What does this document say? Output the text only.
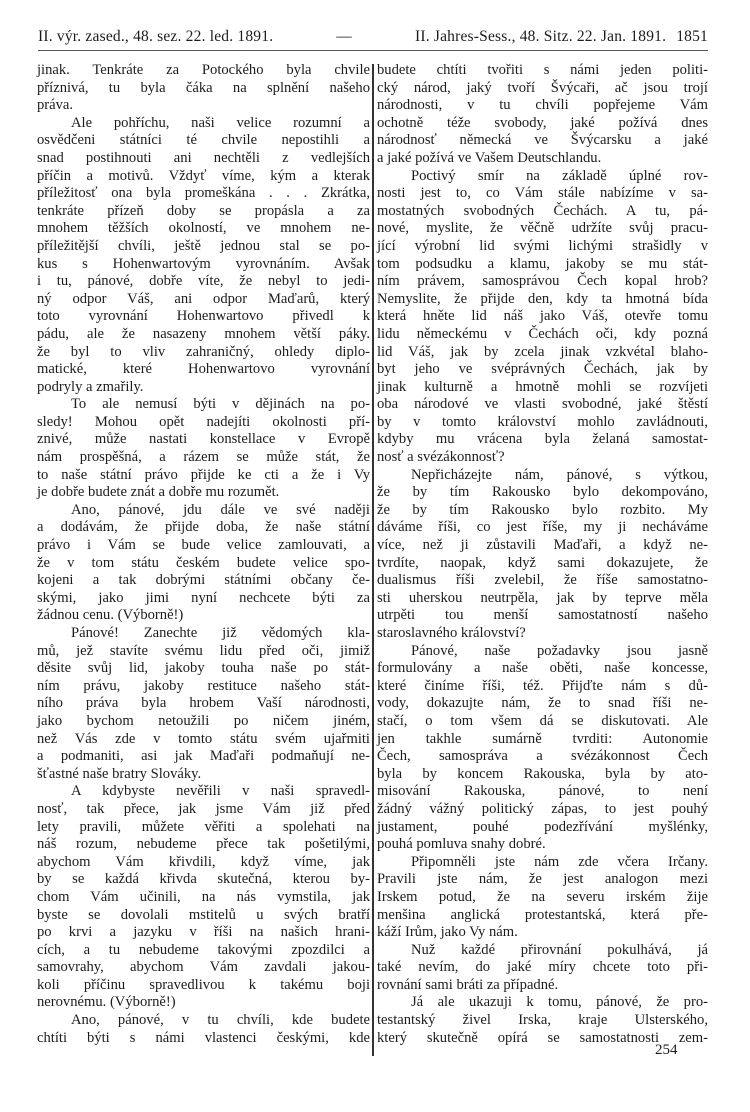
II. výr. zased., 48. sez. 22. led. 1891.	—	II. Jahres-Sess., 48. Sitz. 22. Jan. 1891. 1851
jinak. Tenkráte za Potockého byla chvile
příznivá, tu byla čáka na splnění našeho
práva.
Ale pohříchu, naši velice rozumní a
osvědčeni státníci té chvile nepostihli a
snad postihnouti ani nechtěli z vedlejších
příčin a motivů. Vždyť víme, kým a kterak
příležitosť ona byla promeškána . . . Zkrátka,
tenkráte přízeň doby se propásla a za
mnohem těžších okolností, ve mnohem ne-
příležitější chvíli, ještě jednou stal se po-
kus s Hohenwartovým vyrovnáním. Avšak
i tu, pánové, dobře víte, že nebyl to jedi-
ný odpor Váš, ani odpor Maďarů, který
toto vyrovnání Hohenwartovo přivedl k
pádu, ale že nasazeny mnohem větší páky.
že byl to vliv zahraničný, ohledy diplo-
matické, které Hohenwartovo vyrovnání
podryly a zmařily.
To ale nemusí býti v dějinách na po-
sledy! Mohou opět nadejíti okolnosti pří-
znivé, může nastati konstellace v Evropě
nám prospěšná, a rázem se může stát, že
to naše státní právo přijde ke cti a že i Vy
je dobře budete znát a dobře mu rozumět.
Ano, pánové, jdu dále ve své naději
a dodávám, že přijde doba, že naše státní
právo i Vám se bude velice zamlouvati, a
že v tom státu českém budete velice spo-
kojeni a tak dobrými státními občany če-
skými, jako jimi nyní nechcete býti za
žádnou cenu. (Výborně!)
Pánové! Zanechte již vědomých kla-
mů, jež stavíte svému lidu před oči, jimiž
děsite svůj lid, jakoby touha naše po stát-
ním právu, jakoby restituce našeho stát-
ního práva byla hrobem Vaší národnosti,
jako bychom netoužili po ničem jiném,
než Vás zde v tomto státu svém ujařmiti
a podmaniti, asi jak Maďaři podmaňují ne-
šťastné naše bratry Slováky.
A kdybyste nevěřili v naši spravedl-
nosť, tak přece, jak jsme Vám již před
lety pravili, můžete věřiti a spolehati na
náš rozum, nebudeme přece tak pošetilými,
abychom Vám křivdili, když víme, jak
by se každá křivda skutečná, kterou by-
chom Vám učinili, na nás vymstila, jak
byste se dovolali mstitelů u svých bratří
po krvi a jazyku v říši na našich hrani-
cích, a tu nebudeme takovými zpozdilci a
samovrahy, abychom Vám zavdali jakou-
koli příčinu spravedlivou k takému boji
nerovnému. (Výborně!)
Ano, pánové, v tu chvíli, kde budete
chtíti býti s námi vlastenci českými, kde
budete chtíti tvořiti s námi jeden politi-
cký národ, jaký tvoří Švýcaři, ač jsou trojí
národnosti, v tu chvíli popřejeme Vám
ochotně téže svobody, jaké požívá dnes
národnosť německá ve Švýcarsku a jaké
a jaké požívá ve Vašem Deutschlandu.
Poctivý smír na základě úplné rov-
nosti jest to, co Vám stále nabízíme v sa-
mostatných svobodných Čechách. A tu, pá-
nové, myslite, že věčně udržíte svůj pracu-
jící výrobní lid svými lichými strašidly v
tom podsudku a klamu, jakoby se mu stát-
ním právem, samosprávou Čech kopal hrob?
Nemyslite, že přijde den, kdy ta hmotná bída
která hněte lid náš jako Váš, otevře tomu
lidu německému v Čechách oči, kdy pozná
lid Váš, jak by zcela jinak vzkvétal blaho-
byt jeho ve svéprávných Čechách, jak by
jinak kulturně a hmotně mohli se rozvíjeti
oba národové ve vlasti svobodné, jaké štěstí
by v tomto království mohlo zavládnouti,
kdyby mu vrácena byla želaná samostat-
nosť a svézákonnosť?
Nepřicházejte nám, pánové, s výtkou,
že by tím Rakousko bylo dekompováno,
že by tím Rakousko bylo rozbito. My
dáváme říši, co jest říše, my ji necháváme
více, než ji zůstavili Maďaři, a když ne-
tvrdíte, naopak, když sami dokazujete, že
dualismus říši zvelebil, že říše samostatno-
sti uherskou neutrpěla, jak by teprve měla
utrpěti tou menší samostatností našeho
staroslavného království?
Pánové, naše požadavky jsou jasně
formulovány a naše oběti, naše koncesse,
které činíme říši, též. Přijďte nám s dů-
vody, dokazujte nám, že to snad říši ne-
stačí, o tom všem dá se diskutovati. Ale
jen takhle sumárně tvrditi: Autonomie
Čech, samospráva a svézákonnost Čech
byla by koncem Rakouska, byla by ato-
misování Rakouska, pánové, to není
žádný vážný politický zápas, to jest pouhý
justament, pouhé podezřívání myšlénky,
pouhá pomluva snahy dobré.
Připomněli jste nám zde včera Irčany.
Pravili jste nám, že jest analogon mezi
Irskem potud, že na severu irském žije
menšina anglická protestantská, která pře-
káží Irům, jako Vy nám.
Nuž každé přirovnání pokulhává, já
také nevím, do jaké míry chcete toto při-
rovnání sami bráti za případné.
Já ale ukazuji k tomu, pánové, že pro-
testantský živel Irska, kraje Ulsterského,
který skutečně opírá se samostatnosti zem-
254
